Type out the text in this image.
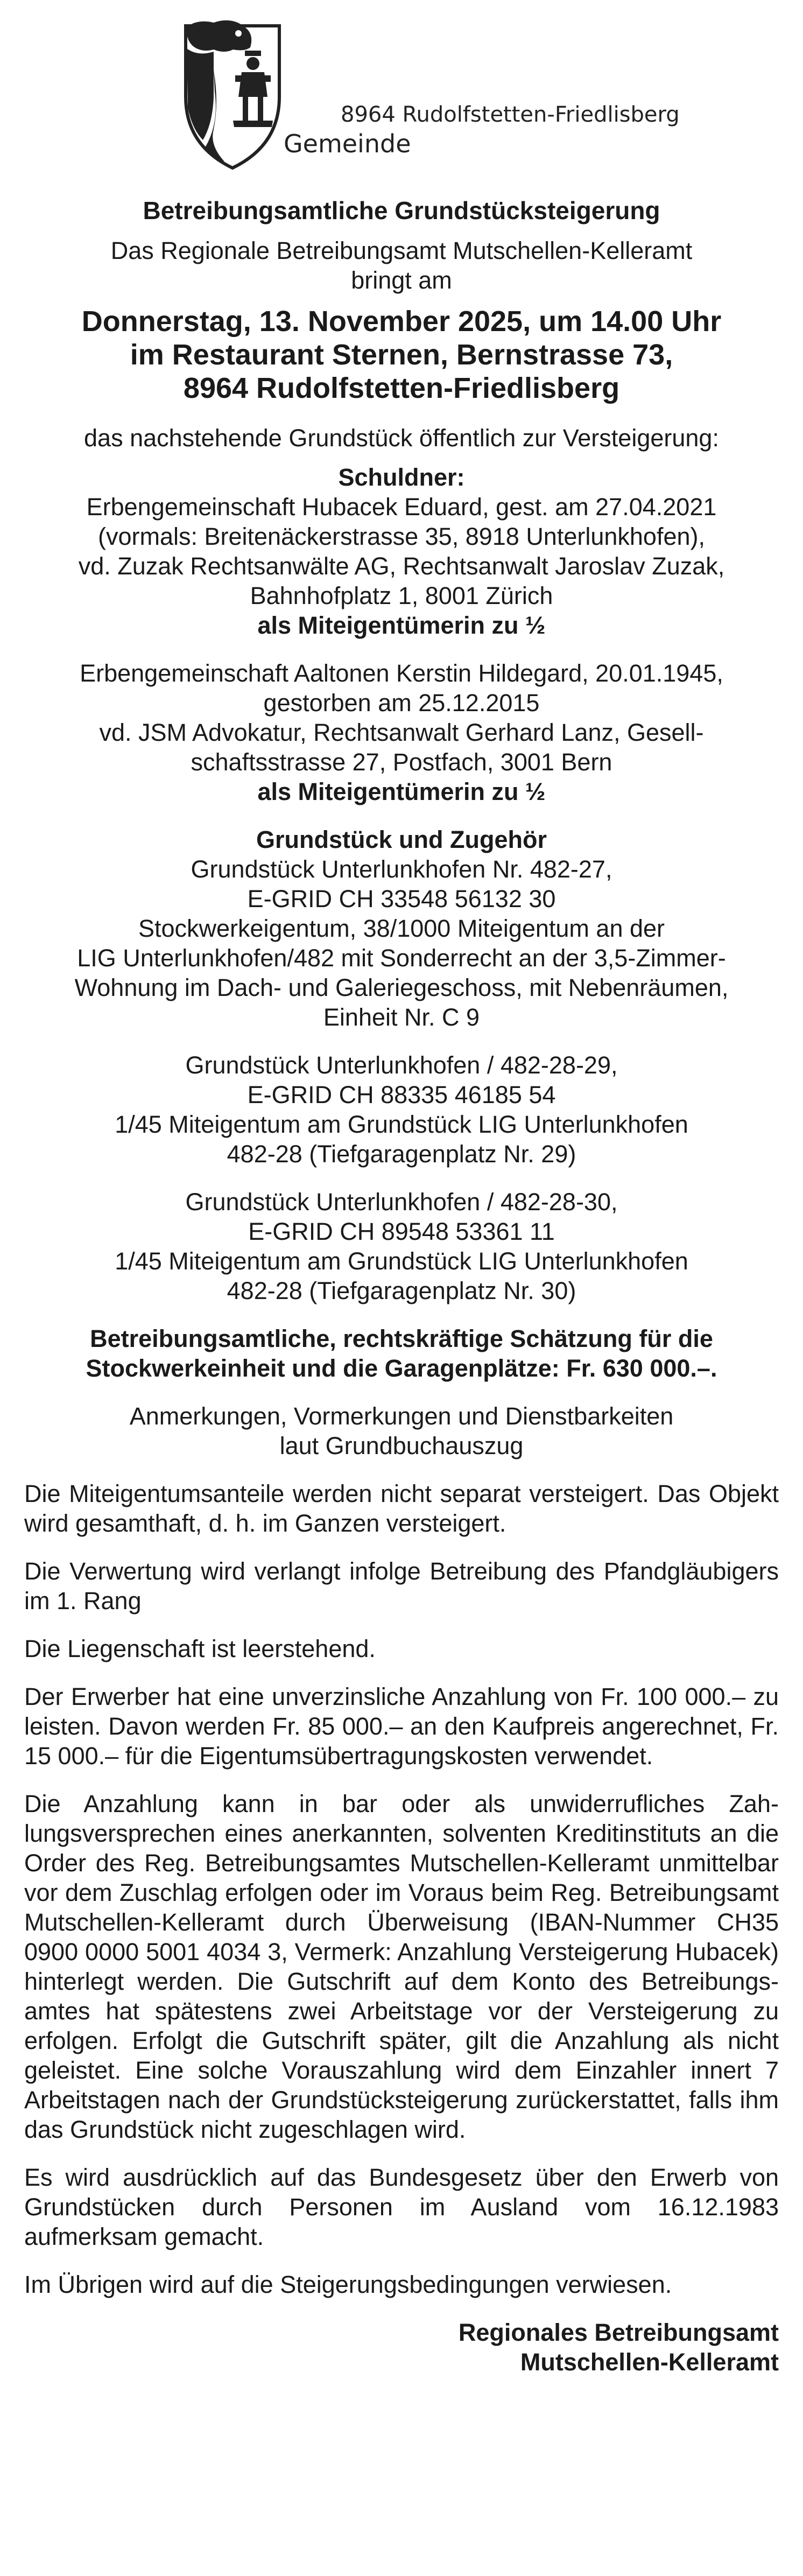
8964 Rudolfstetten-Friedlisberg
Gemeinde
Betreibungsamtliche Grundstücksteigerung

Das Regionale Betreibungsamt Mutschellen-Kelleramt

bringt am

Donnerstag, 13. November 2025, um 14.00 Uhr

im Restaurant Sternen, Bernstrasse 73,

8964 Rudolfstetten-Friedlisberg

das nachstehende Grundstück öffentlich zur Versteigerung:

Schuldner:

Erbengemeinschaft Hubacek Eduard, gest. am 27.04.2021

(vormals: Breitenäckerstrasse 35, 8918 Unterlunkhofen),

vd. Zuzak Rechtsanwälte AG, Rechtsanwalt Jaroslav Zuzak,

Bahnhofplatz 1, 8001 Zürich

als Miteigentümerin zu ½

Erbengemeinschaft Aaltonen Kerstin Hildegard, 20.01.1945,

gestorben am 25.12.2015

vd. JSM Advokatur, Rechtsanwalt Gerhard Lanz, Gesell-

schaftsstrasse 27, Postfach, 3001 Bern

als Miteigentümerin zu ½

Grundstück und Zugehör

Grundstück Unterlunkhofen Nr. 482-27,

E-GRID CH 33548 56132 30

Stockwerkeigentum, 38/1000 Miteigentum an der

LIG Unterlunkhofen/482 mit Sonderrecht an der 3,5-Zimmer-

Wohnung im Dach- und Galeriegeschoss, mit Nebenräumen,

Einheit Nr. C 9

Grundstück Unterlunkhofen / 482-28-29,

E-GRID CH 88335 46185 54

1/45 Miteigentum am Grundstück LIG Unterlunkhofen

482-28 (Tiefgaragenplatz Nr. 29)

Grundstück Unterlunkhofen / 482-28-30,

E-GRID CH 89548 53361 11

1/45 Miteigentum am Grundstück LIG Unterlunkhofen

482-28 (Tiefgaragenplatz Nr. 30)

Betreibungsamtliche, rechtskräftige Schätzung für die

Stockwerkeinheit und die Garagenplätze: Fr. 630 000.–.

Anmerkungen, Vormerkungen und Dienstbarkeiten

laut Grundbuchauszug

Die Miteigentumsanteile werden nicht separat versteigert. Das Objekt wird gesamthaft, d. h. im Ganzen versteigert.

Die Verwertung wird verlangt infolge Betreibung des Pfandgläubigers im 1. Rang

Die Liegenschaft ist leerstehend.

Der Erwerber hat eine unverzinsliche Anzahlung von Fr. 100 000.– zu leisten. Davon werden Fr. 85 000.– an den Kaufpreis angerechnet, Fr. 15 000.– für die Eigentumsübertragungskosten verwendet.

Die Anzahlung kann in bar oder als unwiderrufliches Zahlungsversprechen eines anerkannten, solventen Kreditinstituts an die Order des Reg. Betreibungsamtes Mutschellen-Kelleramt unmittelbar vor dem Zuschlag erfolgen oder im Voraus beim Reg. Betreibungsamt Mutschellen-Kelleramt durch Überweisung (IBAN-Nummer CH35 0900 0000 5001 4034 3, Vermerk: Anzahlung Versteigerung Hubacek) hinterlegt werden. Die Gutschrift auf dem Konto des Betreibungsamtes hat spätestens zwei Arbeitstage vor der Versteigerung zu erfolgen. Erfolgt die Gutschrift später, gilt die Anzahlung als nicht geleistet. Eine solche Vorauszahlung wird dem Einzahler innert 7 Arbeitstagen nach der Grundstücksteigerung zurückerstattet, falls ihm das Grundstück nicht zugeschlagen wird.

Es wird ausdrücklich auf das Bundesgesetz über den Erwerb von Grundstücken durch Personen im Ausland vom 16.12.1983 aufmerksam gemacht.

Im Übrigen wird auf die Steigerungsbedingungen verwiesen.

Regionales Betreibungsamt

Mutschellen-Kelleramt
